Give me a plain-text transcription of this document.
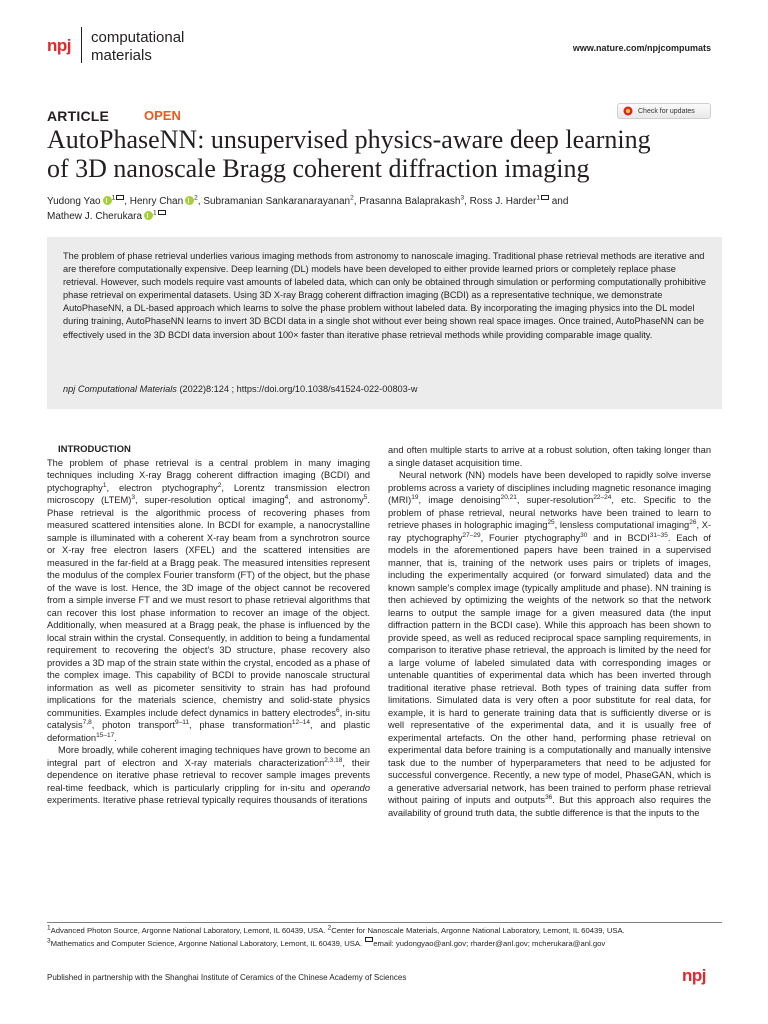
npj computational
materials	www.nature.com/npjcompumats
ARTICLE	OPEN	Check for updates
AutoPhaseNN: unsupervised physics-aware deep learning
of 3D nanoscale Bragg coherent diffraction imaging
Yudong Yao $^1$ , Henry Chan $^2$, Subramanian Sankaranarayanan$^2$, Prasanna Balaprakash$^3$, Ross J. Harder$^1$ and
Mathew J. Cherukara $^1$

The problem of phase retrieval underlies various imaging methods from astronomy to nanoscale imaging. Traditional phase retrieval methods are iterative and are therefore computationally expensive. Deep learning (DL) models have been developed to either provide learned priors or completely replace phase retrieval. However, such models require vast amounts of labeled data, which can only be obtained through simulation or performing computationally prohibitive phase retrieval on experimental datasets. Using 3D X-ray Bragg coherent diffraction imaging (BCDI) as a representative technique, we demonstrate AutoPhaseNN, a DL-based approach which learns to solve the phase problem without labeled data. By incorporating the imaging physics into the DL model during training, AutoPhaseNN learns to invert 3D BCDI data in a single shot without ever being shown real space images. Once trained, AutoPhaseNN can be effectively used in the 3D BCDI data inversion about 100× faster than iterative phase retrieval methods while providing comparable image quality.

npj Computational Materials (2022)8:124 ; https://doi.org/10.1038/s41524-022-00803-w

INTRODUCTION

The problem of phase retrieval is a central problem in many imaging techniques including X-ray Bragg coherent diffraction imaging (BCDI) and ptychography$^1$, electron ptychography$^2$, Lorentz transmission electron microscopy (LTEM)$^3$, super-resolution optical imaging$^4$, and astronomy$^5$. Phase retrieval is the algorithmic process of recovering phases from measured scattered intensities alone. In BCDI for example, a nanocrystalline sample is illuminated with a coherent X-ray beam from a synchrotron source or X-ray free electron lasers (XFEL) and the scattered intensities are measured in the far-field at a Bragg peak. The measured intensities represent the modulus of the complex Fourier transform (FT) of the object, but the phase of the wave is lost. Hence, the 3D image of the object cannot be recovered from a simple inverse FT and we must resort to phase retrieval algorithms that can recover this lost phase information to recover an image of the object. Additionally, when measured at a Bragg peak, the phase is influenced by the local strain within the crystal. Consequently, in addition to being a fundamental requirement to recovering the object’s 3D structure, phase recovery also provides a 3D map of the strain state within the crystal, encoded as a phase of the complex image. This capability of BCDI to provide nanoscale structural information as well as picometer sensitivity to strain has had profound implications for the materials science, chemistry and solid-state physics communities. Examples include defect dynamics in battery electrodes$^6$, in-situ catalysis$^{7,8}$, photon transport$^{9-11}$, phase transformation$^{12-14}$, and plastic deformation$^{15-17}$.

More broadly, while coherent imaging techniques have grown to become an integral part of electron and X-ray materials characterization$^{2,3,18}$, their dependence on iterative phase retrieval to recover sample images prevents real-time feedback, which is particularly crippling for in-situ and operando experiments. Iterative phase retrieval typically requires thousands of iterations

and often multiple starts to arrive at a robust solution, often taking longer than a single dataset acquisition time.

Neural network (NN) models have been developed to rapidly solve inverse problems across a variety of disciplines including magnetic resonance imaging (MRI)$^{19}$, image denoising$^{20,21}$, super-resolution$^{22-24}$, etc. Specific to the problem of phase retrieval, neural networks have been trained to learn to retrieve phases in holographic imaging$^{25}$, lensless computational imaging$^{26}$, X-ray ptychography$^{27-29}$, Fourier ptychography$^{30}$ and in BCDI$^{31-35}$. Each of models in the aforementioned papers have been trained in a supervised manner, that is, training of the network uses pairs or triplets of images, including the experimentally acquired (or forward simulated) data and the known sample’s complex image (typically amplitude and phase). NN training is then achieved by optimizing the weights of the network so that the network learns to output the sample image for a given measured data (the input diffraction pattern in the BCDI case). While this approach has been shown to provide speed, as well as reduced reciprocal space sampling requirements, in comparison to iterative phase retrieval, the approach is limited by the need for a large volume of labeled simulated data with corresponding images or untenable quantities of experimental data which has been inverted through traditional iterative phase retrieval. Both types of training data suffer from limitations. Simulated data is very often a poor substitute for real data, for example, it is hard to generate training data that is sufficiently diverse or is well representative of the experimental data, and it is usually free of experimental artefacts. On the other hand, performing phase retrieval on experimental data before training is a computationally and manually intensive task due to the number of hyperparameters that need to be adjusted for successful convergence. Recently, a new type of model, PhaseGAN, which is a generative adversarial network, has been trained to perform phase retrieval without pairing of inputs and outputs$^{36}$. But this approach also requires the availability of ground truth data, the subtle difference is that the inputs to the

$^1$Advanced Photon Source, Argonne National Laboratory, Lemont, IL 60439, USA. $^2$Center for Nanoscale Materials, Argonne National Laboratory, Lemont, IL 60439, USA.
$^3$Mathematics and Computer Science, Argonne National Laboratory, Lemont, IL 60439, USA. email: yudongyao@anl.gov; rharder@anl.gov; mcherukara@anl.gov

Published in partnership with the Shanghai Institute of Ceramics of the Chinese Academy of Sciences	npj
